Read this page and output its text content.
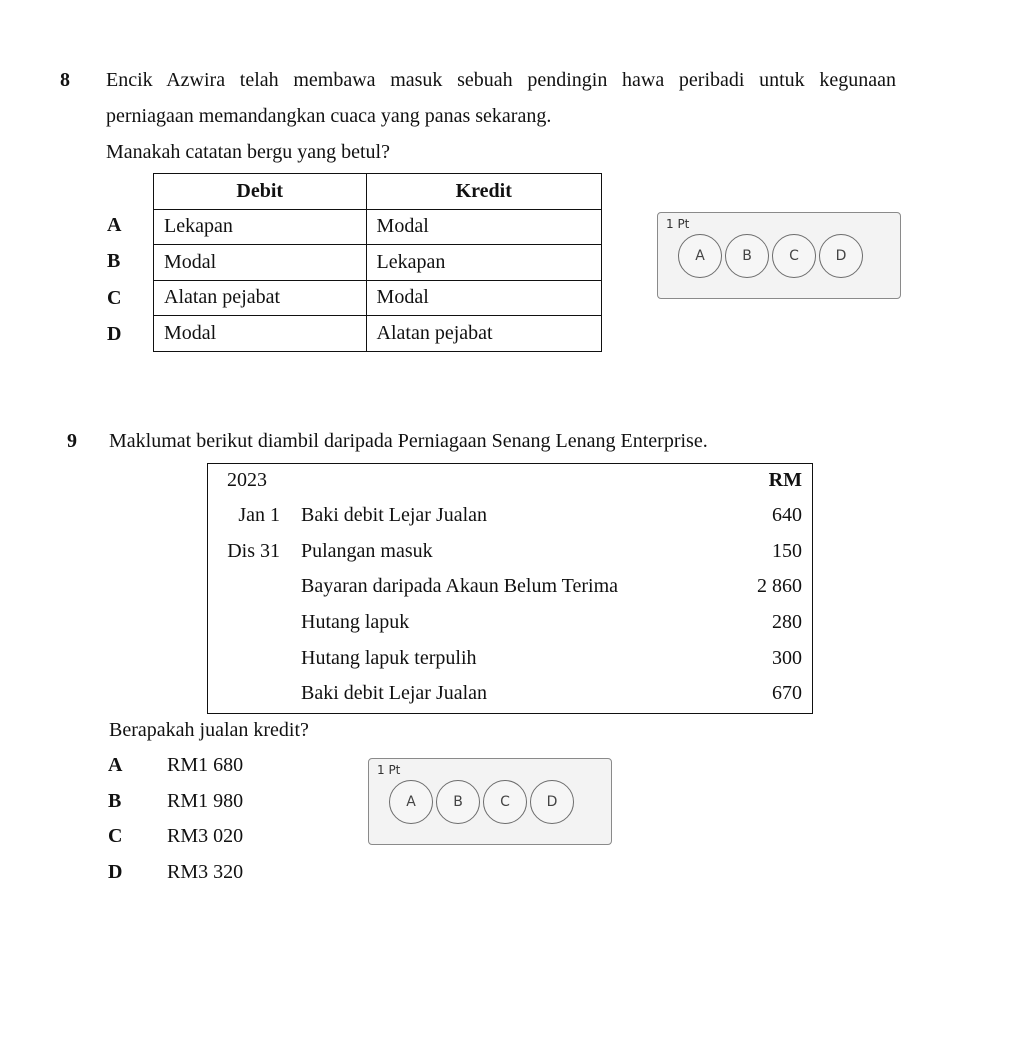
8 Encik Azwira telah membawa masuk sebuah pendingin hawa peribadi untuk kegunaan
perniagaan memandangkan cuaca yang panas sekarang.
Manakah catatan bergu yang betul?
A
B
C
D
Debit	Kredit
Lekapan	Modal
Modal	Lekapan
Alatan pejabat	Modal
Modal	Alatan pejabat
1 Pt
A	B	C	D
9 Maklumat berikut diambil daripada Perniagaan Senang Lenang Enterprise.
2023	RM
Jan 1 Baki debit Lejar Jualan	640
Dis 31 Pulangan masuk	150
Bayaran daripada Akaun Belum Terima	2 860
Hutang lapuk	280
Hutang lapuk terpulih	300
Baki debit Lejar Jualan	670
Berapakah jualan kredit?
A RM1 680
B RM1 980
C RM3 020
D RM3 320
1 Pt
A	B	C	D
